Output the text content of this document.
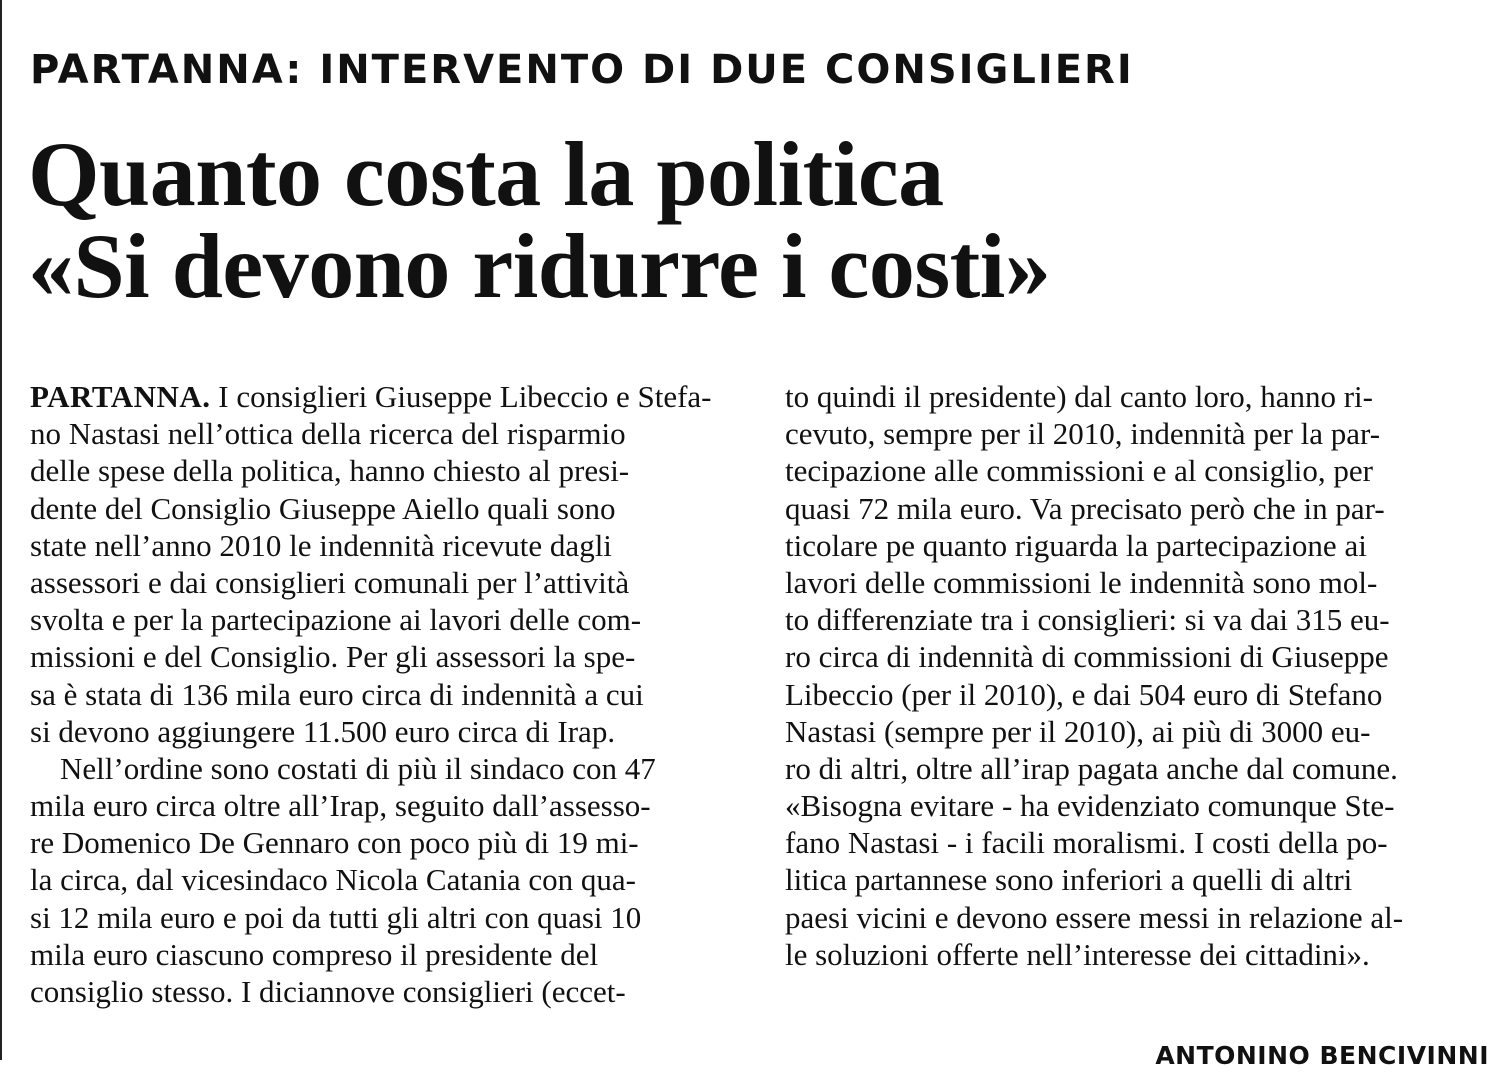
PARTANNA: INTERVENTO DI DUE CONSIGLIERI
Quanto costa la politica
«Si devono ridurre i costi»
PARTANNA. I consiglieri Giuseppe Libeccio e Stefa-
no Nastasi nell’ottica della ricerca del risparmio
delle spese della politica, hanno chiesto al presi-
dente del Consiglio Giuseppe Aiello quali sono
state nell’anno 2010 le indennità ricevute dagli
assessori e dai consiglieri comunali per l’attività
svolta e per la partecipazione ai lavori delle com-
missioni e del Consiglio. Per gli assessori la spe-
sa è stata di 136 mila euro circa di indennità a cui
si devono aggiungere 11.500 euro circa di Irap.
Nell’ordine sono costati di più il sindaco con 47
mila euro circa oltre all’Irap, seguito dall’assesso-
re Domenico De Gennaro con poco più di 19 mi-
la circa, dal vicesindaco Nicola Catania con qua-
si 12 mila euro e poi da tutti gli altri con quasi 10
mila euro ciascuno compreso il presidente del
consiglio stesso. I diciannove consiglieri (eccet-
to quindi il presidente) dal canto loro, hanno ri-
cevuto, sempre per il 2010, indennità per la par-
tecipazione alle commissioni e al consiglio, per
quasi 72 mila euro. Va precisato però che in par-
ticolare pe quanto riguarda la partecipazione ai
lavori delle commissioni le indennità sono mol-
to differenziate tra i consiglieri: si va dai 315 eu-
ro circa di indennità di commissioni di Giuseppe
Libeccio (per il 2010), e dai 504 euro di Stefano
Nastasi (sempre per il 2010), ai più di 3000 eu-
ro di altri, oltre all’irap pagata anche dal comune.
«Bisogna evitare - ha evidenziato comunque Ste-
fano Nastasi - i facili moralismi. I costi della po-
litica partannese sono inferiori a quelli di altri
paesi vicini e devono essere messi in relazione al-
le soluzioni offerte nell’interesse dei cittadini».
ANTONINO BENCIVINNI
